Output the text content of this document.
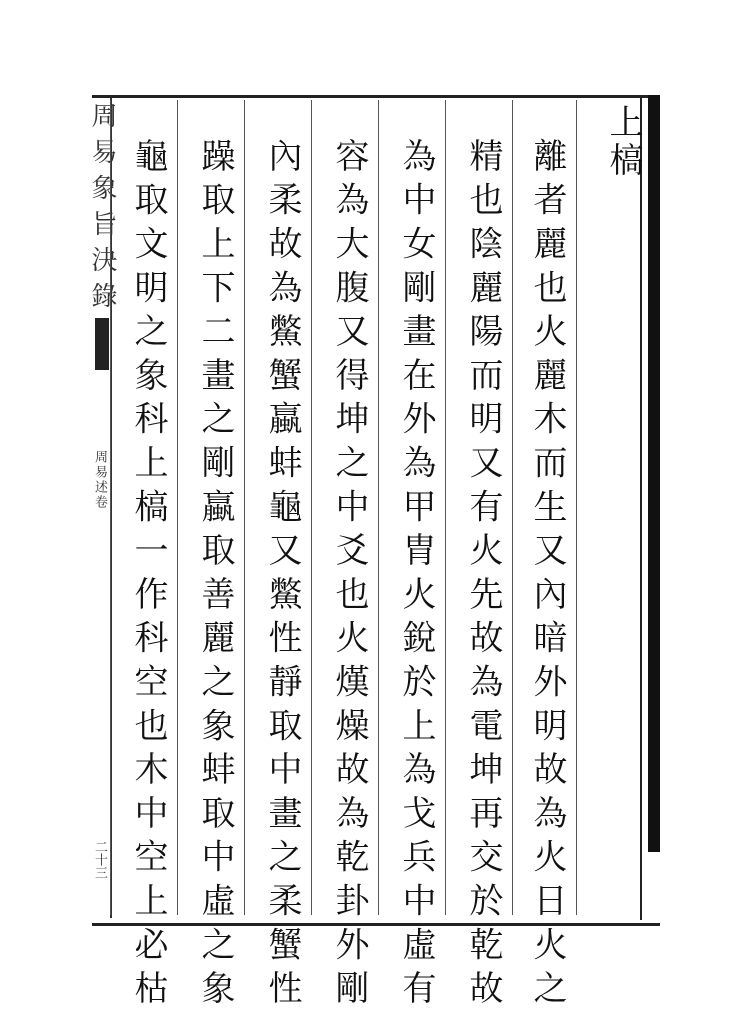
周易象旨決錄
周易述卷
二十三
上槁
離者麗也火麗木而生又內暗外明故為火日火之
精也陰麗陽而明又有火先故為電坤再交於乾故
為中女剛畫在外為甲胄火銳於上為戈兵中虛有
容為大腹又得坤之中爻也火熯燥故為乾卦外剛
內柔故為鱉蟹蠃蚌龜又鱉性靜取中畫之柔蟹性
躁取上下二畫之剛蠃取善麗之象蚌取中虛之象
龜取文明之象科上槁一作科空也木中空上必枯
